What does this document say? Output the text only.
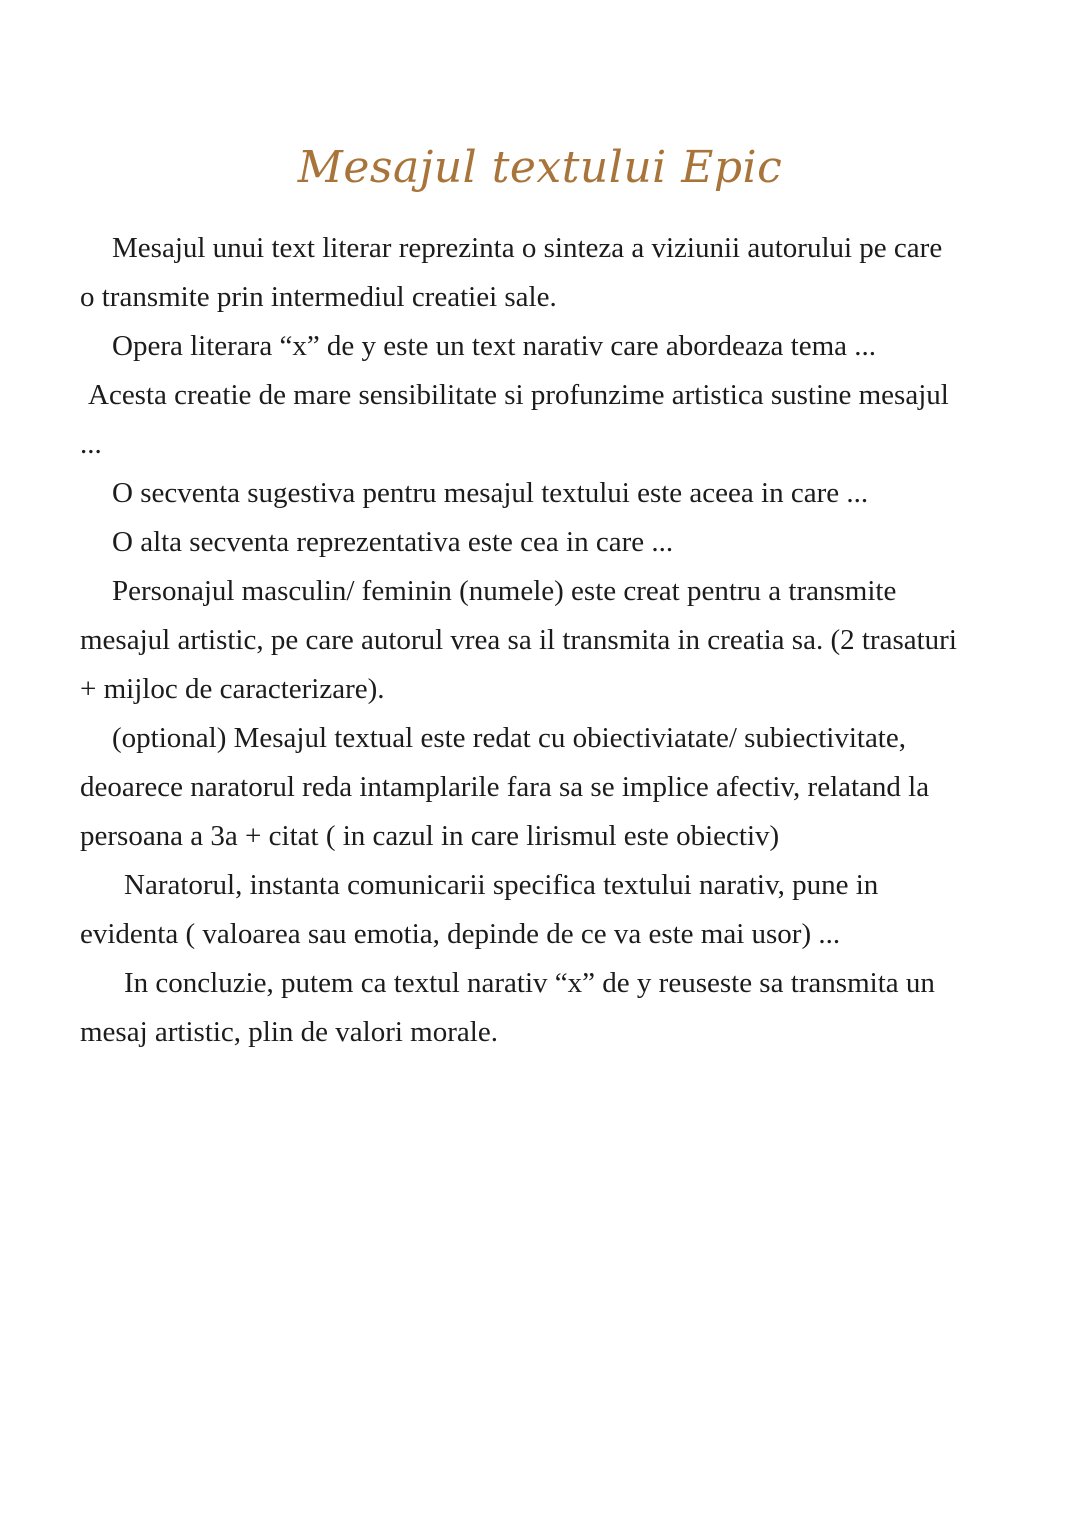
Mesajul textului Epic
Mesajul unui text literar reprezinta o sinteza a viziunii autorului pe care
o transmite prin intermediul creatiei sale.
Opera literara “x” de y este un text narativ care abordeaza tema ...
Acesta creatie de mare sensibilitate si profunzime artistica sustine mesajul
...
O secventa sugestiva pentru mesajul textului este aceea in care ...
O alta secventa reprezentativa este cea in care ...
Personajul masculin/ feminin (numele) este creat pentru a transmite
mesajul artistic, pe care autorul vrea sa il transmita in creatia sa. (2 trasaturi
+ mijloc de caracterizare).
(optional) Mesajul textual este redat cu obiectiviatate/ subiectivitate,
deoarece naratorul reda intamplarile fara sa se implice afectiv, relatand la
persoana a 3a + citat ( in cazul in care lirismul este obiectiv)
Naratorul, instanta comunicarii specifica textului narativ, pune in
evidenta ( valoarea sau emotia, depinde de ce va este mai usor) ...
In concluzie, putem ca textul narativ “x” de y reuseste sa transmita un
mesaj artistic, plin de valori morale.
